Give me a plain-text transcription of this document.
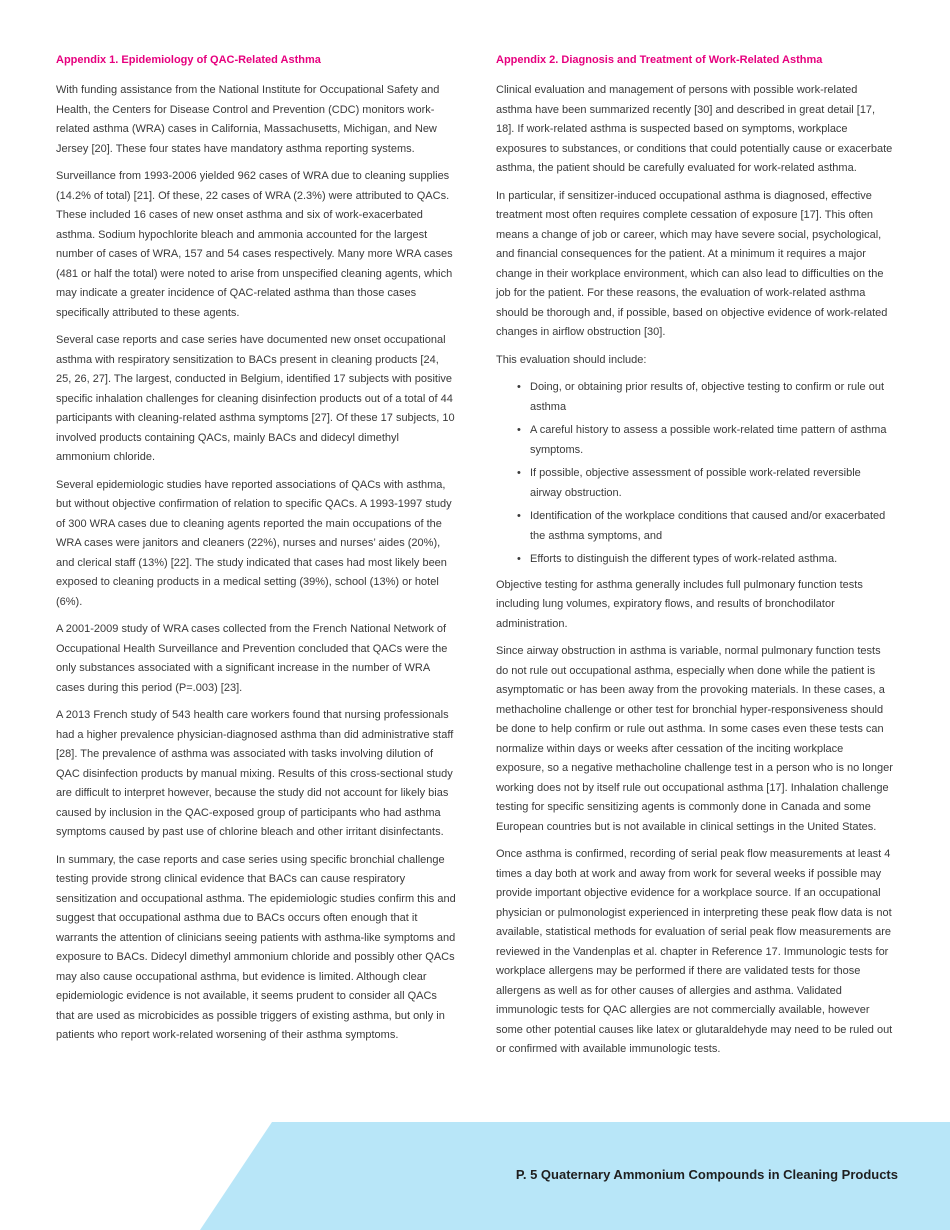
Appendix 1. Epidemiology of QAC-Related Asthma

With funding assistance from the National Institute for Occupational Safety and Health, the Centers for Disease Control and Prevention (CDC) monitors work-related asthma (WRA) cases in California, Massachusetts, Michigan, and New Jersey [20]. These four states have mandatory asthma reporting systems.

Surveillance from 1993-2006 yielded 962 cases of WRA due to cleaning supplies (14.2% of total) [21]. Of these, 22 cases of WRA (2.3%) were attributed to QACs. These included 16 cases of new onset asthma and six of work-exacerbated asthma. Sodium hypochlorite bleach and ammonia accounted for the largest number of cases of WRA, 157 and 54 cases respectively. Many more WRA cases (481 or half the total) were noted to arise from unspecified cleaning agents, which may indicate a greater incidence of QAC-related asthma than those cases specifically attributed to these agents.

Several case reports and case series have documented new onset occupational asthma with respiratory sensitization to BACs present in cleaning products [24, 25, 26, 27]. The largest, conducted in Belgium, identified 17 subjects with positive specific inhalation challenges for cleaning disinfection products out of a total of 44 participants with cleaning-related asthma symptoms [27]. Of these 17 subjects, 10 involved products containing QACs, mainly BACs and didecyl dimethyl ammonium chloride.

Several epidemiologic studies have reported associations of QACs with asthma, but without objective confirmation of relation to specific QACs. A 1993-1997 study of 300 WRA cases due to cleaning agents reported the main occupations of the WRA cases were janitors and cleaners (22%), nurses and nurses’ aides (20%), and clerical staff (13%) [22]. The study indicated that cases had most likely been exposed to cleaning products in a medical setting (39%), school (13%) or hotel (6%).

A 2001-2009 study of WRA cases collected from the French National Network of Occupational Health Surveillance and Prevention concluded that QACs were the only substances associated with a significant increase in the number of WRA cases during this period (P=.003) [23].

A 2013 French study of 543 health care workers found that nursing professionals had a higher prevalence physician-diagnosed asthma than did administrative staff [28]. The prevalence of asthma was associated with tasks involving dilution of QAC disinfection products by manual mixing. Results of this cross-sectional study are difficult to interpret however, because the study did not account for likely bias caused by inclusion in the QAC-exposed group of participants who had asthma symptoms caused by past use of chlorine bleach and other irritant disinfectants.

In summary, the case reports and case series using specific bronchial challenge testing provide strong clinical evidence that BACs can cause respiratory sensitization and occupational asthma. The epidemiologic studies confirm this and suggest that occupational asthma due to BACs occurs often enough that it warrants the attention of clinicians seeing patients with asthma-like symptoms and exposure to BACs. Didecyl dimethyl ammonium chloride and possibly other QACs may also cause occupational asthma, but evidence is limited. Although clear epidemiologic evidence is not available, it seems prudent to consider all QACs that are used as microbicides as possible triggers of existing asthma, but only in patients who report work-related worsening of their asthma symptoms.

Appendix 2. Diagnosis and Treatment of Work-Related Asthma

Clinical evaluation and management of persons with possible work-related asthma have been summarized recently [30] and described in great detail [17, 18]. If work-related asthma is suspected based on symptoms, workplace exposures to substances, or conditions that could potentially cause or exacerbate asthma, the patient should be carefully evaluated for work-related asthma.

In particular, if sensitizer-induced occupational asthma is diagnosed, effective treatment most often requires complete cessation of exposure [17]. This often means a change of job or career, which may have severe social, psychological, and financial consequences for the patient. At a minimum it requires a major change in their workplace environment, which can also lead to difficulties on the job for the patient. For these reasons, the evaluation of work-related asthma should be thorough and, if possible, based on objective evidence of work-related changes in airflow obstruction [30].

This evaluation should include:

• Doing, or obtaining prior results of, objective testing to confirm or rule out asthma
• A careful history to assess a possible work-related time pattern of asthma symptoms.
• If possible, objective assessment of possible work-related reversible airway obstruction.
• Identification of the workplace conditions that caused and/or exacerbated the asthma symptoms, and
• Efforts to distinguish the different types of work-related asthma.

Objective testing for asthma generally includes full pulmonary function tests including lung volumes, expiratory flows, and results of bronchodilator administration.

Since airway obstruction in asthma is variable, normal pulmonary function tests do not rule out occupational asthma, especially when done while the patient is asymptomatic or has been away from the provoking materials. In these cases, a methacholine challenge or other test for bronchial hyper-responsiveness should be done to help confirm or rule out asthma. In some cases even these tests can normalize within days or weeks after cessation of the inciting workplace exposure, so a negative methacholine challenge test in a person who is no longer working does not by itself rule out occupational asthma [17]. Inhalation challenge testing for specific sensitizing agents is commonly done in Canada and some European countries but is not available in clinical settings in the United States.

Once asthma is confirmed, recording of serial peak flow measurements at least 4 times a day both at work and away from work for several weeks if possible may provide important objective evidence for a workplace source. If an occupational physician or pulmonologist experienced in interpreting these peak flow data is not available, statistical methods for evaluation of serial peak flow measurements are reviewed in the Vandenplas et al. chapter in Reference 17. Immunologic tests for workplace allergens may be performed if there are validated tests for those allergens as well as for other causes of allergies and asthma. Validated immunologic tests for QAC allergies are not commercially available, however some other potential causes like latex or glutaraldehyde may need to be ruled out or confirmed with available immunologic tests.

P. 5 Quaternary Ammonium Compounds in Cleaning Products
